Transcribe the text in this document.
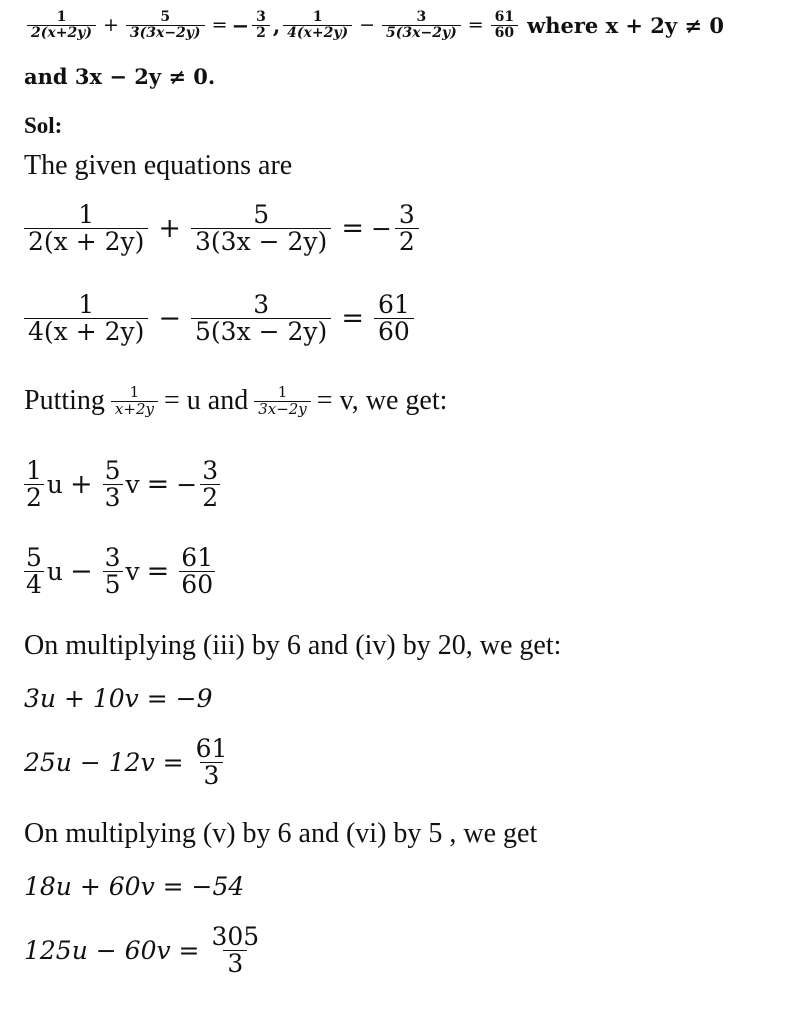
$\frac{1}{2(x+2y)} + \frac{5}{3(3x-2y)}$ = − $\frac{3}{2}$ , $\frac{1}{4(x+2y)} - \frac{3}{5(3x-2y)} = \frac{61}{60}$ where x + 2y ≠ 0
and 3x − 2y ≠ 0.
Sol:
The given equations are
$\frac{1}{2(x + 2y)} + \frac{5}{3(3x - 2y)}$ = − $\frac{3}{2}$
$\frac{1}{4(x + 2y)} - \frac{3}{5(3x - 2y)} = \frac{61}{60}$
Putting $\frac{1}{x+2y} = u$ and $\frac{1}{3x-2y} = v$, we get:
$\frac{1}{2}$ $u + \frac{5}{3}$ v = − $\frac{3}{2}$
$\frac{5}{4}$ $u - \frac{3}{5}$ $v = \frac{61}{60}$
On multiplying (iii) by 6 and (iv) by 20, we get:
3u + 10v = −9
$25u - 12v = \frac{61}{3}$
On multiplying (v) by 6 and (vi) by 5 , we get
18u + 60v = −54
$125u - 60v = \frac{305}{3}$
